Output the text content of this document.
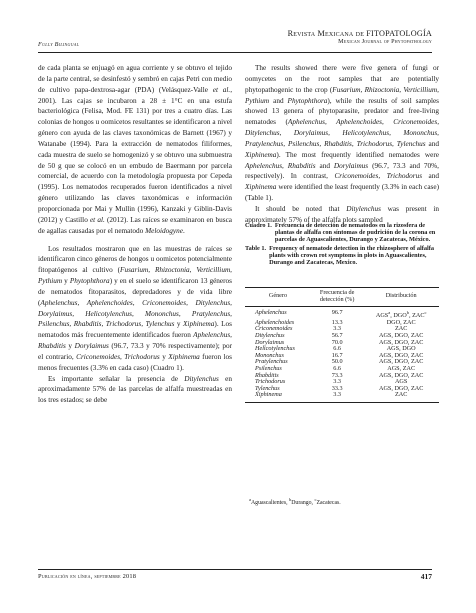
Fully Bilingual
Revista Mexicana de FITOPATOLOGÍA
Mexican Journal of Phytopathology

de cada planta se enjuagó en agua corriente y se obtuvo el tejido de la parte central, se desinfestó y sembró en cajas Petri con medio de cultivo papa-dextrosa-agar (PDA) (Velásquez-Valle et al., 2001). Las cajas se incubaron a 28 ± 1°C en una estufa bacteriológica (Felisa, Mod. FE 131) por tres a cuatro días. Las colonias de hongos u oomicetos resultantes se identificaron a nivel género con ayuda de las claves taxonómicas de Barnett (1967) y Watanabe (1994). Para la extracción de nematodos filiformes, cada muestra de suelo se homogenizó y se obtuvo una submuestra de 50 g que se colocó en un embudo de Baermann por parcela comercial, de acuerdo con la metodología propuesta por Cepeda (1995). Los nematodos recuperados fueron identificados a nivel género utilizando las claves taxonómicas e información proporcionada por Mai y Mullin (1996), Kanzaki y Giblin-Davis (2012) y Castillo et al. (2012). Las raíces se examinaron en busca de agallas causadas por el nematodo Meloidogyne.

Los resultados mostraron que en las muestras de raíces se identificaron cinco géneros de hongos u oomicetos potencialmente fitopatógenos al cultivo (Fusarium, Rhizoctonia, Verticillium, Pythium y Phytophthora) y en el suelo se identificaron 13 géneros de nematodos fitoparasitos, depredadores y de vida libre (Aphelenchus, Aphelenchoides, Criconemoides, Ditylenchus, Dorylaimus, Helicotylenchus, Mononchus, Pratylenchus, Psilenchus, Rhabditis, Trichodorus, Tylenchus y Xiphinema). Los nematodos más frecuentemente identificados fueron Aphelenchus, Rhabditis y Dorylaimus (96.7, 73.3 y 70% respectivamente); por el contrario, Criconemoides, Trichodorus y Xiphinema fueron los menos frecuentes (3.3% en cada caso) (Cuadro 1).

Es importante señalar la presencia de Ditylenchus en aproximadamente 57% de las parcelas de alfalfa muestreadas en los tres estados; se debe

The results showed there were five genera of fungi or oomycetes on the root samples that are potentially phytopathogenic to the crop (Fusarium, Rhizoctonia, Verticillium, Pythium and Phytophthora), while the results of soil samples showed 13 genera of phytoparasite, predator and free-living nematodes (Aphelenchus, Aphelenchoides, Criconemoides, Ditylenchus, Dorylaimus, Helicotylenchus, Mononchus, Pratylenchus, Psilenchus, Rhabditis, Trichodorus, Tylenchus and Xiphinema). The most frequently identified nematodes were Aphelenchus, Rhabditis and Dorylaimus (96.7, 73.3 and 70%, respectively). In contrast, Criconemoides, Trichodorus and Xiphinema were identified the least frequently (3.3% in each case) (Table 1).

It should be noted that Ditylenchus was present in approximately 57% of the alfalfa plots sampled

Cuadro 1. Frecuencia de detección de nematodos en la rizosfera de plantas de alfalfa con síntomas de pudrición de la corona en parcelas de Aguascalientes, Durango y Zacatecas, México.
Table 1. Frequency of nematode detection in the rhizosphere of alfalfa plants with crown rot symptoms in plots in Aguascalientes, Durango and Zacatecas, Mexico.
Género	Frecuencia de detección (%)	Distribución
Aphelenchus	96.7	AGS$^a$, DGO$^b$, ZAC$^c$
Aphelenchoides	13.3	DGO, ZAC
Criconemoides	3.3	ZAC
Ditylenchus	56.7	AGS, DGO, ZAC
Dorylaimus	70.0	AGS, DGO, ZAC
Helicotylenchus	6.6	AGS, DGO
Mononchus	16.7	AGS, DGO, ZAC
Pratylenchus	50.0	AGS, DGO, ZAC
Psilenchus	6.6	AGS, ZAC
Rhabditis	73.3	AGS, DGO, ZAC
Trichodorus	3.3	AGS
Tylenchus	33.3	AGS, DGO, ZAC
Xiphinema	3.3	ZAC
$^a$Aguascalientes, $^b$Durango, $^c$Zacatecas.
Publicación en línea, septiembre 2018	417
